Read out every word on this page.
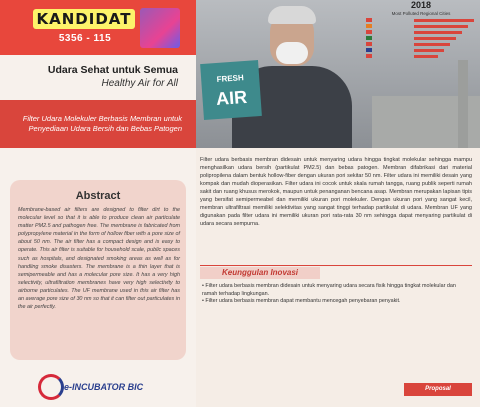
KANDIDAT
5356 - 115
Udara Sehat untuk Semua
Healthy Air for All
Filter Udara Molekuler Berbasis Membran untuk Penyediaan Udara Bersih dan Bebas Patogen
Abstract
Membrane-based air filters are designed to filter dirt to the molecular level so that it is able to produce clean air particulate matter PM2.5 and pathogen free. The membrane is fabricated from polypropylene material in the form of hollow fiber with a pore size of about 50 nm. The air filter has a compact design and is easy to operate. This air filter is suitable for household scale, public spaces such as hospitals, and designated smoking areas as well as for handling smoke disasters. The membrane is a thin layer that is semipermeable and has a molecular pore size. It has a very high selectivity, ultrafiltration membranes have very high selectivity to airborne particulates. The UF membrane used in this air filter has an average pore size of 30 nm so that it can filter out particulates in the air perfectly.
e-INCUBATOR BIC
FRESH
AIR
2018
Most Polluted Regional Cities
Filter udara berbasis membran didesain untuk menyaring udara hingga tingkat molekular sehingga mampu menghasilkan udara bersih (partikulat PM2.5) dan bebas patogen. Membran difabrikasi dari material polipropilena dalam bentuk hollow-fiber dengan ukuran pori sekitar 50 nm. Filter udara ini memiliki desain yang kompak dan mudah dioperasikan. Filter udara ini cocok untuk skala rumah tangga, ruang publik seperti rumah sakit dan ruang khusus merokok, maupun untuk penanganan bencana asap. Membran merupakan lapisan tipis yang bersifat semipermeabel dan memiliki ukuran pori molekuler. Dengan ukuran pori yang sangat kecil, membran ultrafiltrasi memiliki selektivitas yang sangat tinggi terhadap partikulat di udara. Membran UF yang digunakan pada filter udara ini memiliki ukuran pori rata-rata 30 nm sehingga dapat menyaring partikulat di udara secara sempurna.
Keunggulan Inovasi
• Filter udara berbasis membran didesain untuk menyaring udara secara fisik hingga tingkat molekular dan ramah terhadap lingkungan.
• Filter udara berbasis membran dapat membantu mencegah penyebaran penyakit.
Proposal
